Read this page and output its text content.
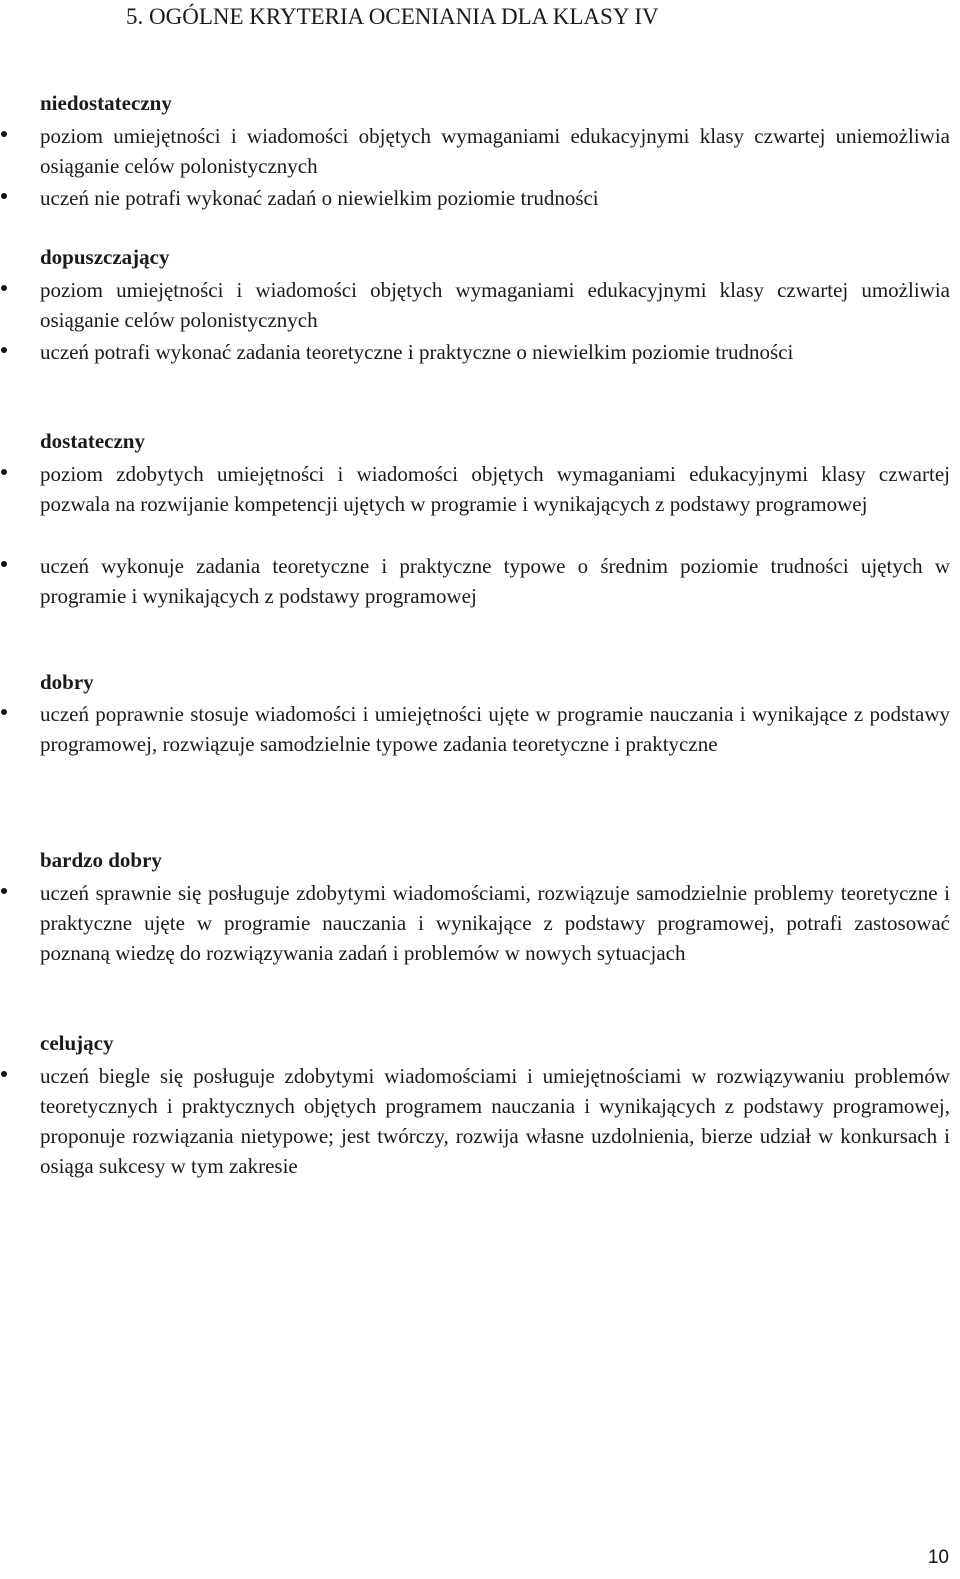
5. OGÓLNE KRYTERIA OCENIANIA DLA KLASY IV
niedostateczny

poziom umiejętności i wiadomości objętych wymaganiami edukacyjnymi klasy czwartej uniemożliwia osiąganie celów polonistycznych

uczeń nie potrafi wykonać zadań o niewielkim poziomie trudności

dopuszczający

poziom umiejętności i wiadomości objętych wymaganiami edukacyjnymi klasy czwartej umożliwia osiąganie celów polonistycznych

uczeń potrafi wykonać zadania teoretyczne i praktyczne o niewielkim poziomie trudności

dostateczny

poziom zdobytych umiejętności i wiadomości objętych wymaganiami edukacyjnymi klasy czwartej pozwala na rozwijanie kompetencji ujętych w programie i wynikających z podstawy programowej

uczeń wykonuje zadania teoretyczne i praktyczne typowe o średnim poziomie trudności ujętych w programie i wynikających z podstawy programowej

dobry

uczeń poprawnie stosuje wiadomości i umiejętności ujęte w programie nauczania i wynikające z podstawy programowej, rozwiązuje samodzielnie typowe zadania teoretyczne i praktyczne

bardzo dobry

uczeń sprawnie się posługuje zdobytymi wiadomościami, rozwiązuje samodzielnie problemy teoretyczne i praktyczne ujęte w programie nauczania i wynikające z podstawy programowej, potrafi zastosować poznaną wiedzę do rozwiązywania zadań i problemów w nowych sytuacjach

celujący

uczeń biegle się posługuje zdobytymi wiadomościami i umiejętnościami w rozwiązywaniu problemów teoretycznych i praktycznych objętych programem nauczania i wynikających z podstawy programowej, proponuje rozwiązania nietypowe; jest twórczy, rozwija własne uzdolnienia, bierze udział w konkursach i osiąga sukcesy w tym zakresie

10
